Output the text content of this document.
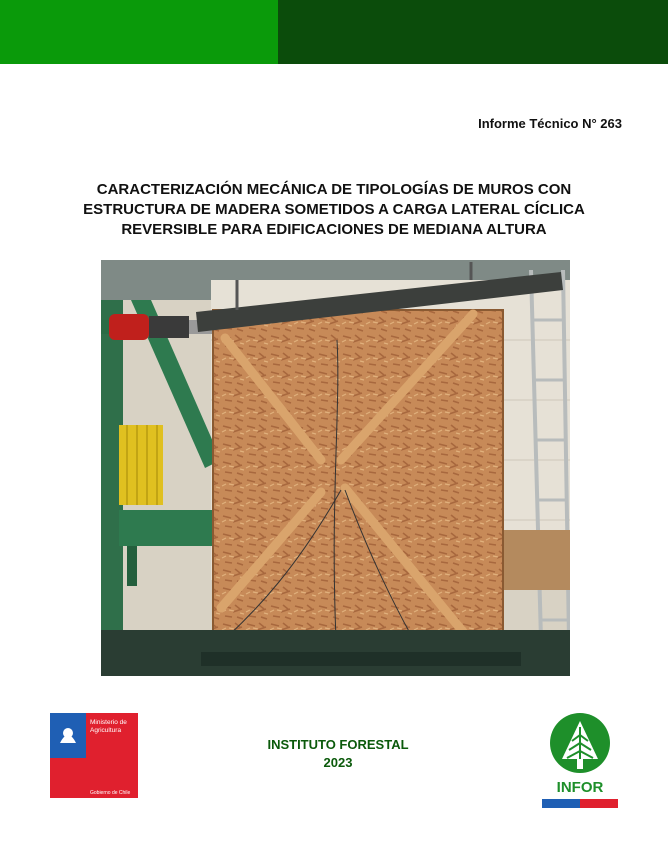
Informe Técnico N° 263
CARACTERIZACIÓN MECÁNICA DE TIPOLOGÍAS DE MUROS CON
ESTRUCTURA DE MADERA SOMETIDOS A CARGA LATERAL CÍCLICA
REVERSIBLE PARA EDIFICACIONES DE MEDIANA ALTURA
Ministerio de
Agricultura
Gobierno de Chile
INSTITUTO FORESTAL
2023
INFOR
